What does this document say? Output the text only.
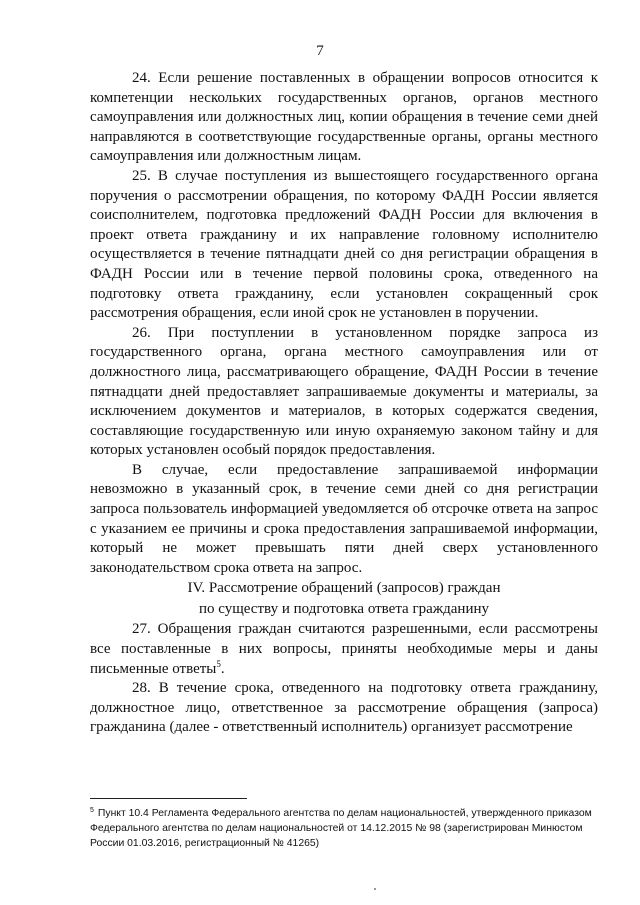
7

24. Если решение поставленных в обращении вопросов относится к компетенции нескольких государственных органов, органов местного самоуправления или должностных лиц, копии обращения в течение семи дней направляются в соответствующие государственные органы, органы местного самоуправления или должностным лицам.

25. В случае поступления из вышестоящего государственного органа поручения о рассмотрении обращения, по которому ФАДН России является соисполнителем, подготовка предложений ФАДН России для включения в проект ответа гражданину и их направление головному исполнителю осуществляется в течение пятнадцати дней со дня регистрации обращения в ФАДН России или в течение первой половины срока, отведенного на подготовку ответа гражданину, если установлен сокращенный срок рассмотрения обращения, если иной срок не установлен в поручении.

26. При поступлении в установленном порядке запроса из государственного органа, органа местного самоуправления или от должностного лица, рассматривающего обращение, ФАДН России в течение пятнадцати дней предоставляет запрашиваемые документы и материалы, за исключением документов и материалов, в которых содержатся сведения, составляющие государственную или иную охраняемую законом тайну и для которых установлен особый порядок предоставления.

В случае, если предоставление запрашиваемой информации невозможно в указанный срок, в течение семи дней со дня регистрации запроса пользователь информацией уведомляется об отсрочке ответа на запрос с указанием ее причины и срока предоставления запрашиваемой информации, который не может превышать пяти дней сверх установленного законодательством срока ответа на запрос.

IV. Рассмотрение обращений (запросов) граждан
по существу и подготовка ответа гражданину

27. Обращения граждан считаются разрешенными, если рассмотрены все поставленные в них вопросы, приняты необходимые меры и даны письменные ответы$^5$.

28. В течение срока, отведенного на подготовку ответа гражданину, должностное лицо, ответственное за рассмотрение обращения (запроса) гражданина (далее - ответственный исполнитель) организует рассмотрение

$^5$ Пункт 10.4 Регламента Федерального агентства по делам национальностей, утвержденного приказом Федерального агентства по делам национальностей от 14.12.2015 № 98 (зарегистрирован Минюстом России 01.03.2016, регистрационный № 41265)
